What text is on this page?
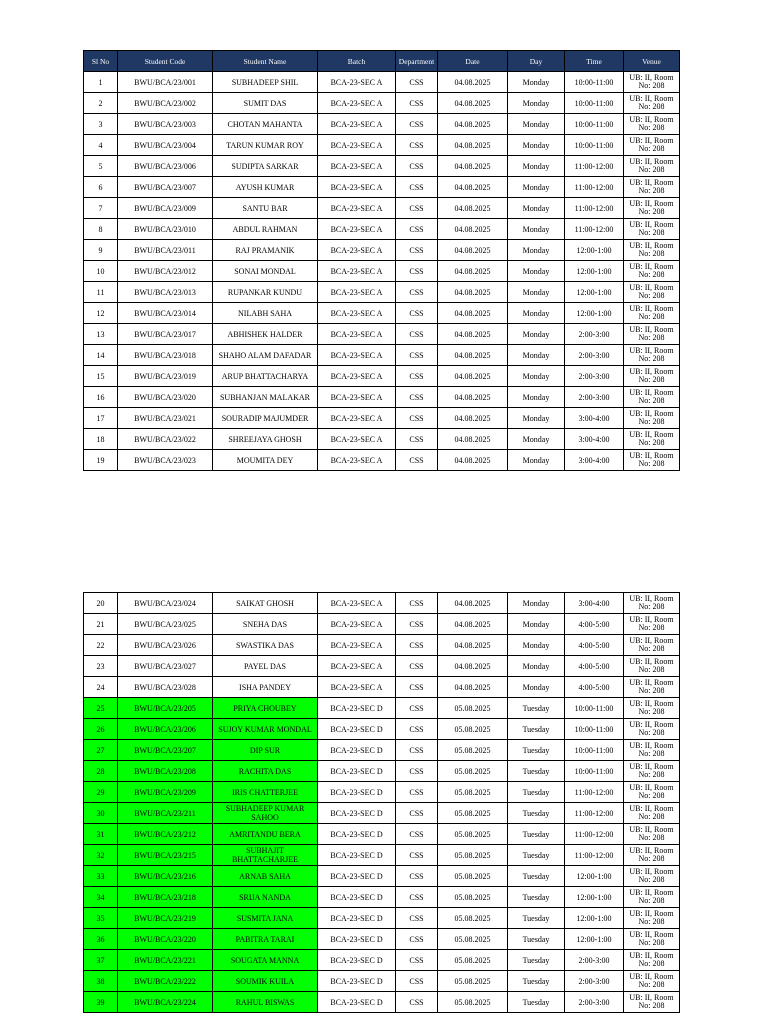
Sl No	Student Code	Student Name	Batch	Department	Date	Day	Time	Venue
1	BWU/BCA/23/001	SUBHADEEP SHIL	BCA-23-SEC A	CSS	04.08.2025	Monday	10:00-11:00	UB: II, Room No: 208
2	BWU/BCA/23/002	SUMIT DAS	BCA-23-SEC A	CSS	04.08.2025	Monday	10:00-11:00	UB: II, Room No: 208
3	BWU/BCA/23/003	CHOTAN MAHANTA	BCA-23-SEC A	CSS	04.08.2025	Monday	10:00-11:00	UB: II, Room No: 208
4	BWU/BCA/23/004	TARUN KUMAR ROY	BCA-23-SEC A	CSS	04.08.2025	Monday	10:00-11:00	UB: II, Room No: 208
5	BWU/BCA/23/006	SUDIPTA SARKAR	BCA-23-SEC A	CSS	04.08.2025	Monday	11:00-12:00	UB: II, Room No: 208
6	BWU/BCA/23/007	AYUSH KUMAR	BCA-23-SEC A	CSS	04.08.2025	Monday	11:00-12:00	UB: II, Room No: 208
7	BWU/BCA/23/009	SANTU BAR	BCA-23-SEC A	CSS	04.08.2025	Monday	11:00-12:00	UB: II, Room No: 208
8	BWU/BCA/23/010	ABDUL RAHMAN	BCA-23-SEC A	CSS	04.08.2025	Monday	11:00-12:00	UB: II, Room No: 208
9	BWU/BCA/23/011	RAJ PRAMANIK	BCA-23-SEC A	CSS	04.08.2025	Monday	12:00-1:00	UB: II, Room No: 208
10	BWU/BCA/23/012	SONAI MONDAL	BCA-23-SEC A	CSS	04.08.2025	Monday	12:00-1:00	UB: II, Room No: 208
11	BWU/BCA/23/013	RUPANKAR KUNDU	BCA-23-SEC A	CSS	04.08.2025	Monday	12:00-1:00	UB: II, Room No: 208
12	BWU/BCA/23/014	NILABH SAHA	BCA-23-SEC A	CSS	04.08.2025	Monday	12:00-1:00	UB: II, Room No: 208
13	BWU/BCA/23/017	ABHISHEK HALDER	BCA-23-SEC A	CSS	04.08.2025	Monday	2:00-3:00	UB: II, Room No: 208
14	BWU/BCA/23/018	SHAHO ALAM DAFADAR	BCA-23-SEC A	CSS	04.08.2025	Monday	2:00-3:00	UB: II, Room No: 208
15	BWU/BCA/23/019	ARUP BHATTACHARYA	BCA-23-SEC A	CSS	04.08.2025	Monday	2:00-3:00	UB: II, Room No: 208
16	BWU/BCA/23/020	SUBHANJAN MALAKAR	BCA-23-SEC A	CSS	04.08.2025	Monday	2:00-3:00	UB: II, Room No: 208
17	BWU/BCA/23/021	SOURADIP MAJUMDER	BCA-23-SEC A	CSS	04.08.2025	Monday	3:00-4:00	UB: II, Room No: 208
18	BWU/BCA/23/022	SHREEJAYA GHOSH	BCA-23-SEC A	CSS	04.08.2025	Monday	3:00-4:00	UB: II, Room No: 208
19	BWU/BCA/23/023	MOUMITA DEY	BCA-23-SEC A	CSS	04.08.2025	Monday	3:00-4:00	UB: II, Room No: 208
20	BWU/BCA/23/024	SAIKAT GHOSH	BCA-23-SEC A	CSS	04.08.2025	Monday	3:00-4:00	UB: II, Room No: 208
21	BWU/BCA/23/025	SNEHA DAS	BCA-23-SEC A	CSS	04.08.2025	Monday	4:00-5:00	UB: II, Room No: 208
22	BWU/BCA/23/026	SWASTIKA DAS	BCA-23-SEC A	CSS	04.08.2025	Monday	4:00-5:00	UB: II, Room No: 208
23	BWU/BCA/23/027	PAYEL DAS	BCA-23-SEC A	CSS	04.08.2025	Monday	4:00-5:00	UB: II, Room No: 208
24	BWU/BCA/23/028	ISHA PANDEY	BCA-23-SEC A	CSS	04.08.2025	Monday	4:00-5:00	UB: II, Room No: 208
25	BWU/BCA/23/205	PRIYA CHOUBEY	BCA-23-SEC D	CSS	05.08.2025	Tuesday	10:00-11:00	UB: II, Room No: 208
26	BWU/BCA/23/206	SUJOY KUMAR MONDAL	BCA-23-SEC D	CSS	05.08.2025	Tuesday	10:00-11:00	UB: II, Room No: 208
27	BWU/BCA/23/207	DIP SUR	BCA-23-SEC D	CSS	05.08.2025	Tuesday	10:00-11:00	UB: II, Room No: 208
28	BWU/BCA/23/208	RACHITA DAS	BCA-23-SEC D	CSS	05.08.2025	Tuesday	10:00-11:00	UB: II, Room No: 208
29	BWU/BCA/23/209	IRIS CHATTERJEE	BCA-23-SEC D	CSS	05.08.2025	Tuesday	11:00-12:00	UB: II, Room No: 208
30	BWU/BCA/23/211	SUBHADEEP KUMAR SAHOO	BCA-23-SEC D	CSS	05.08.2025	Tuesday	11:00-12:00	UB: II, Room No: 208
31	BWU/BCA/23/212	AMRITANDU BERA	BCA-23-SEC D	CSS	05.08.2025	Tuesday	11:00-12:00	UB: II, Room No: 208
32	BWU/BCA/23/215	SUBHAJIT BHATTACHARJEE	BCA-23-SEC D	CSS	05.08.2025	Tuesday	11:00-12:00	UB: II, Room No: 208
33	BWU/BCA/23/216	ARNAB SAHA	BCA-23-SEC D	CSS	05.08.2025	Tuesday	12:00-1:00	UB: II, Room No: 208
34	BWU/BCA/23/218	SRIJA NANDA	BCA-23-SEC D	CSS	05.08.2025	Tuesday	12:00-1:00	UB: II, Room No: 208
35	BWU/BCA/23/219	SUSMITA JANA	BCA-23-SEC D	CSS	05.08.2025	Tuesday	12:00-1:00	UB: II, Room No: 208
36	BWU/BCA/23/220	PABITRA TARAI	BCA-23-SEC D	CSS	05.08.2025	Tuesday	12:00-1:00	UB: II, Room No: 208
37	BWU/BCA/23/221	SOUGATA MANNA	BCA-23-SEC D	CSS	05.08.2025	Tuesday	2:00-3:00	UB: II, Room No: 208
38	BWU/BCA/23/222	SOUMIK KUILA	BCA-23-SEC D	CSS	05.08.2025	Tuesday	2:00-3:00	UB: II, Room No: 208
39	BWU/BCA/23/224	RAHUL BISWAS	BCA-23-SEC D	CSS	05.08.2025	Tuesday	2:00-3:00	UB: II, Room No: 208
